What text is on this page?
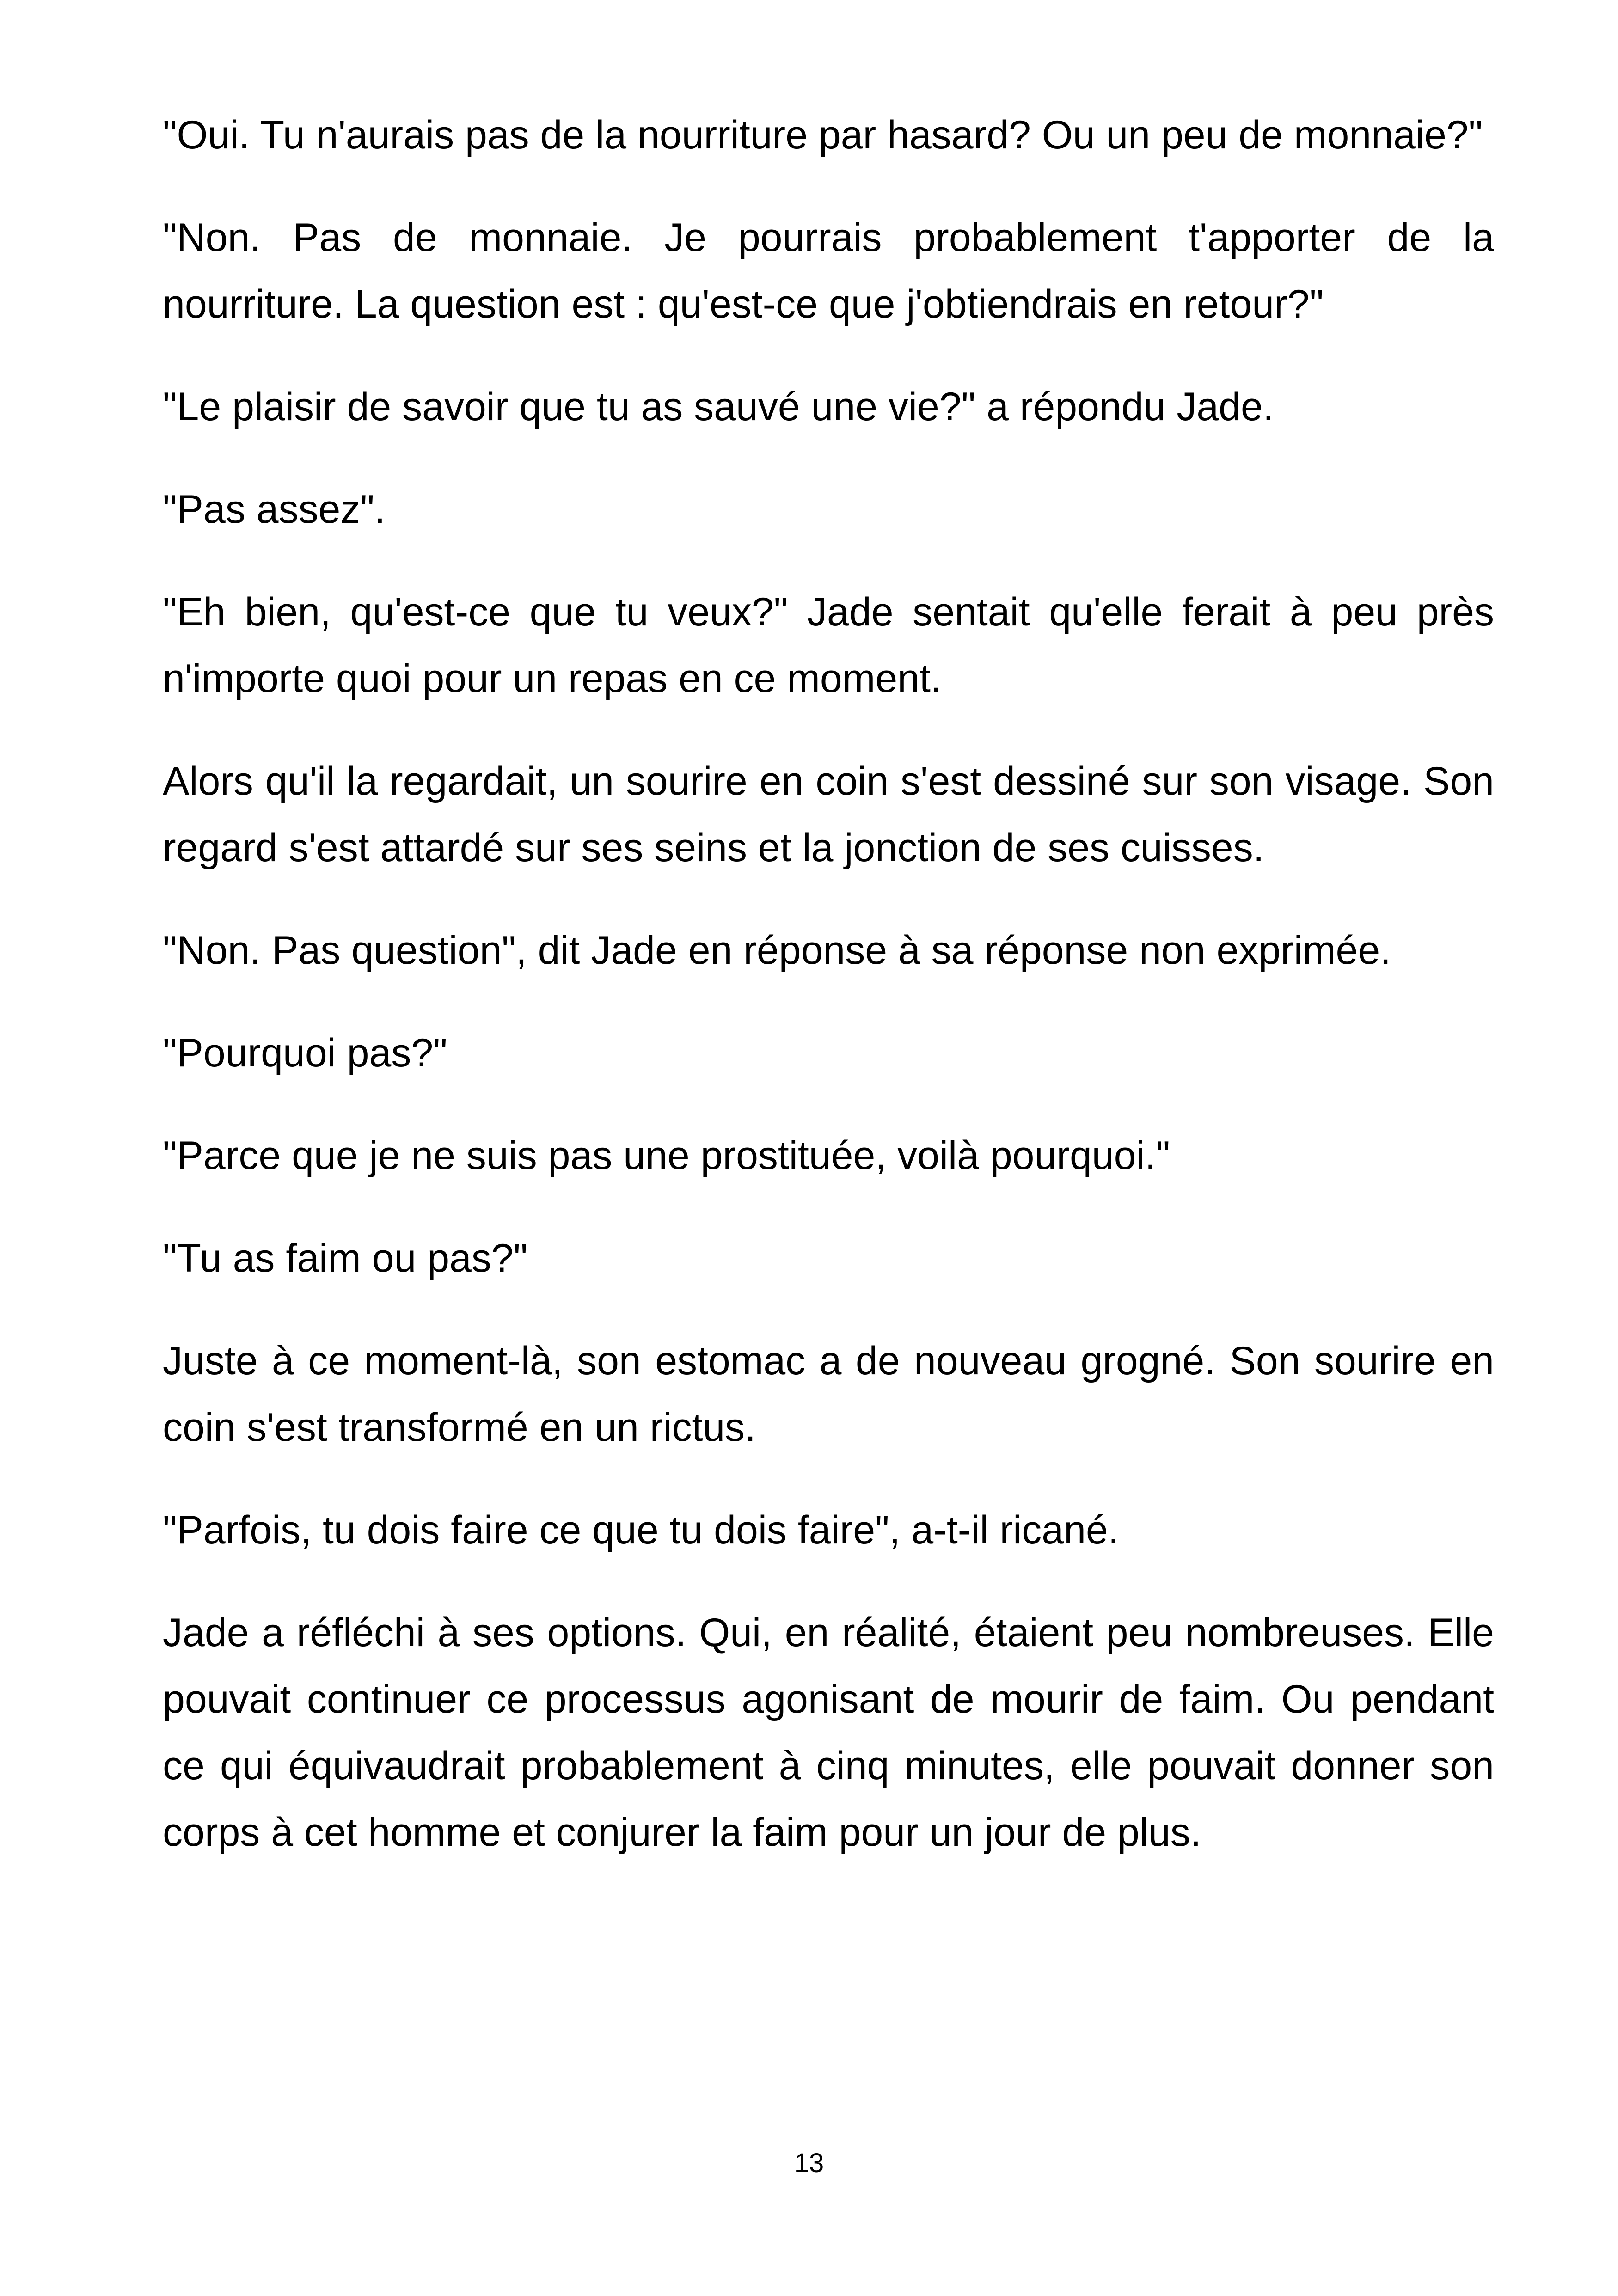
"Oui. Tu n'aurais pas de la nourriture par hasard? Ou un peu de monnaie?"

"Non. Pas de monnaie. Je pourrais probablement t'apporter de la nourriture. La question est : qu'est-ce que j'obtiendrais en retour?"

"Le plaisir de savoir que tu as sauvé une vie?" a répondu Jade.

"Pas assez".

"Eh bien, qu'est-ce que tu veux?" Jade sentait qu'elle ferait à peu près n'importe quoi pour un repas en ce moment.

Alors qu'il la regardait, un sourire en coin s'est dessiné sur son visage. Son regard s'est attardé sur ses seins et la jonction de ses cuisses.

"Non. Pas question", dit Jade en réponse à sa réponse non exprimée.

"Pourquoi pas?"

"Parce que je ne suis pas une prostituée, voilà pourquoi."

"Tu as faim ou pas?"

Juste à ce moment-là, son estomac a de nouveau grogné. Son sourire en coin s'est transformé en un rictus.

"Parfois, tu dois faire ce que tu dois faire", a-t-il ricané.

Jade a réfléchi à ses options. Qui, en réalité, étaient peu nombreuses. Elle pouvait continuer ce processus agonisant de mourir de faim. Ou pendant ce qui équivaudrait probablement à cinq minutes, elle pouvait donner son corps à cet homme et conjurer la faim pour un jour de plus.

13
